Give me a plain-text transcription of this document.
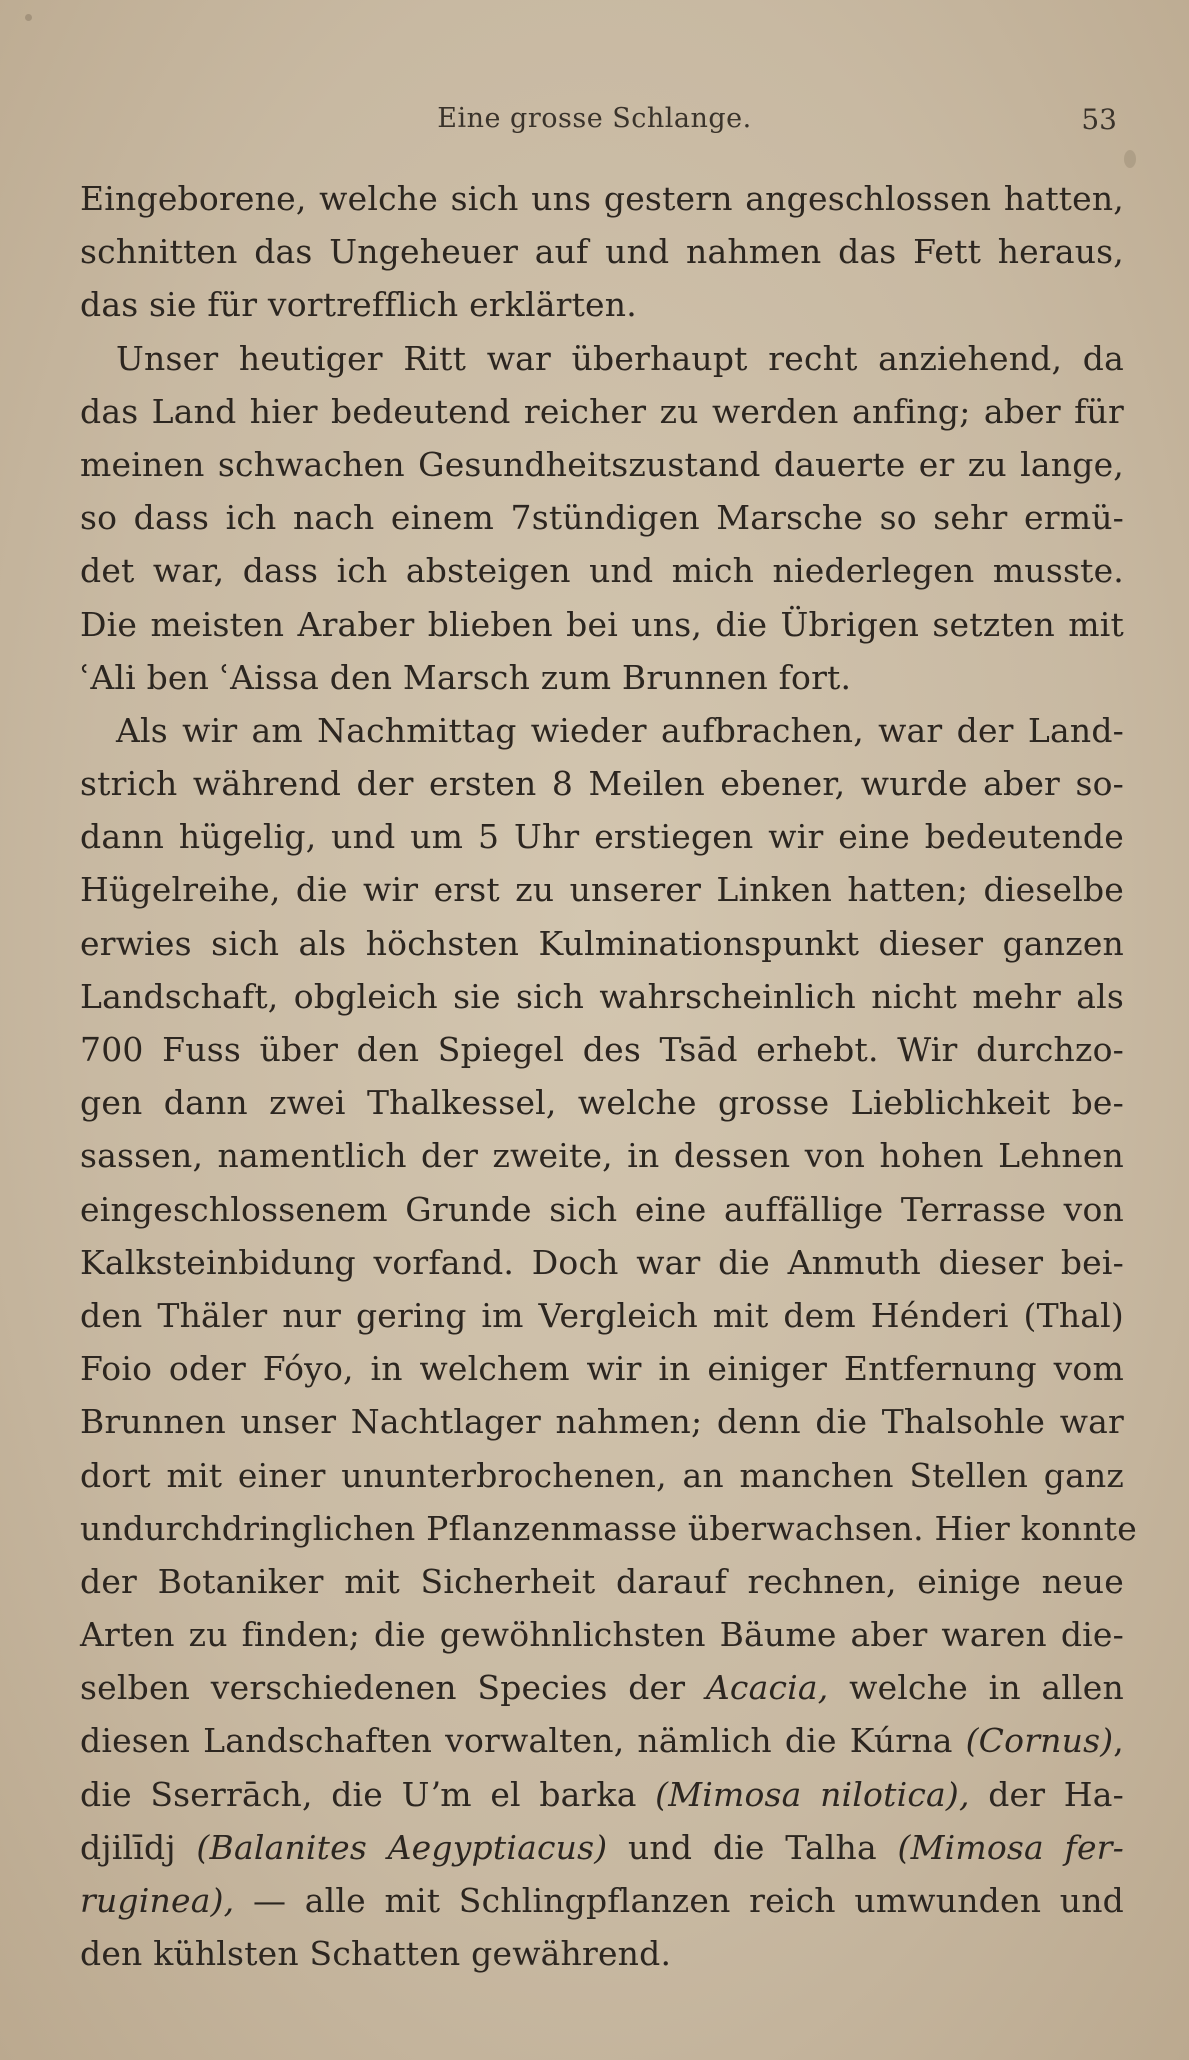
Eine grosse Schlange.	53
Eingeborene, welche sich uns gestern angeschlossen hatten,
schnitten das Ungeheuer auf und nahmen das Fett heraus,
das sie für vortrefflich erklärten.
Unser heutiger Ritt war überhaupt recht anziehend, da
das Land hier bedeutend reicher zu werden anfing; aber für
meinen schwachen Gesundheitszustand dauerte er zu lange,
so dass ich nach einem 7stündigen Marsche so sehr ermü-
det war, dass ich absteigen und mich niederlegen musste.
Die meisten Araber blieben bei uns, die Übrigen setzten mit
ʿAli ben ʿAissa den Marsch zum Brunnen fort.
Als wir am Nachmittag wieder aufbrachen, war der Land-
strich während der ersten 8 Meilen ebener, wurde aber so-
dann hügelig, und um 5 Uhr erstiegen wir eine bedeutende
Hügelreihe, die wir erst zu unserer Linken hatten; dieselbe
erwies sich als höchsten Kulminationspunkt dieser ganzen
Landschaft, obgleich sie sich wahrscheinlich nicht mehr als
700 Fuss über den Spiegel des Tsād erhebt. Wir durchzo-
gen dann zwei Thalkessel, welche grosse Lieblichkeit be-
sassen, namentlich der zweite, in dessen von hohen Lehnen
eingeschlossenem Grunde sich eine auffällige Terrasse von
Kalksteinbidung vorfand. Doch war die Anmuth dieser bei-
den Thäler nur gering im Vergleich mit dem Hénderi (Thal)
Foio oder Fóyo, in welchem wir in einiger Entfernung vom
Brunnen unser Nachtlager nahmen; denn die Thalsohle war
dort mit einer ununterbrochenen, an manchen Stellen ganz
undurchdringlichen Pflanzenmasse überwachsen. Hier konnte
der Botaniker mit Sicherheit darauf rechnen, einige neue
Arten zu finden; die gewöhnlichsten Bäume aber waren die-
selben verschiedenen Species der Acacia, welche in allen
diesen Landschaften vorwalten, nämlich die Kúrna (Cornus),
die Sserrāch, die Uʼm el barka (Mimosa nilotica), der Ha-
djilīdj (Balanites Aegyptiacus) und die Talha (Mimosa fer-
ruginea), — alle mit Schlingpflanzen reich umwunden und
den kühlsten Schatten gewährend.
